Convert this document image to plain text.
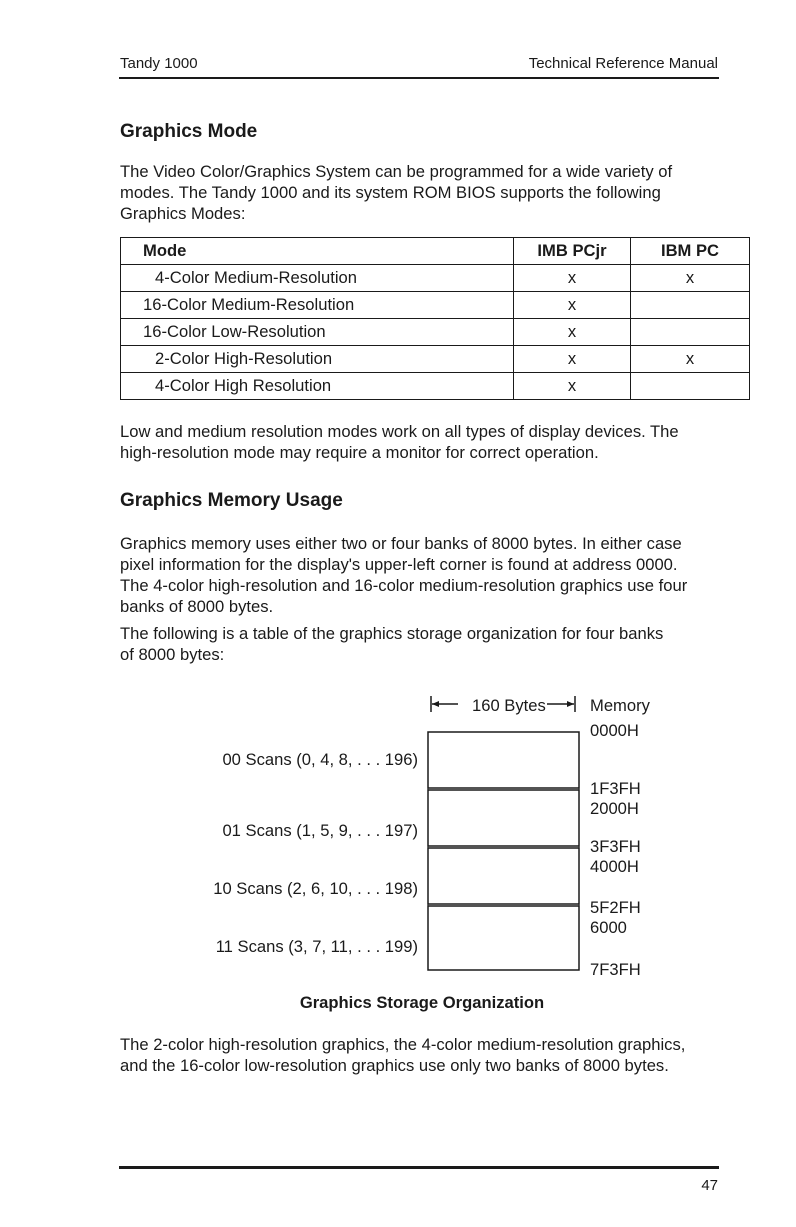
Tandy 1000	Technical Reference Manual
Graphics Mode
The Video Color/Graphics System can be programmed for a wide variety of
modes. The Tandy 1000 and its system ROM BIOS supports the following
Graphics Modes:
Mode	IMB PCjr	IBM PC
4-Color Medium-Resolution	x	x
16-Color Medium-Resolution	x	
16-Color Low-Resolution	x	
2-Color High-Resolution	x	x
4-Color High Resolution	x	
Low and medium resolution modes work on all types of display devices. The
high-resolution mode may require a monitor for correct operation.
Graphics Memory Usage
Graphics memory uses either two or four banks of 8000 bytes. In either case
pixel information for the display's upper-left corner is found at address 0000.
The 4-color high-resolution and 16-color medium-resolution graphics use four
banks of 8000 bytes.
The following is a table of the graphics storage organization for four banks
of 8000 bytes:
160 Bytes	Memory
00 Scans (0, 4, 8, . . . 196)
01 Scans (1, 5, 9, . . . 197)
10 Scans (2, 6, 10, . . . 198)
11 Scans (3, 7, 11, . . . 199)
0000H
1F3FH
2000H
3F3FH
4000H
5F2FH
6000
7F3FH
Graphics Storage Organization
The 2-color high-resolution graphics, the 4-color medium-resolution graphics,
and the 16-color low-resolution graphics use only two banks of 8000 bytes.
47
